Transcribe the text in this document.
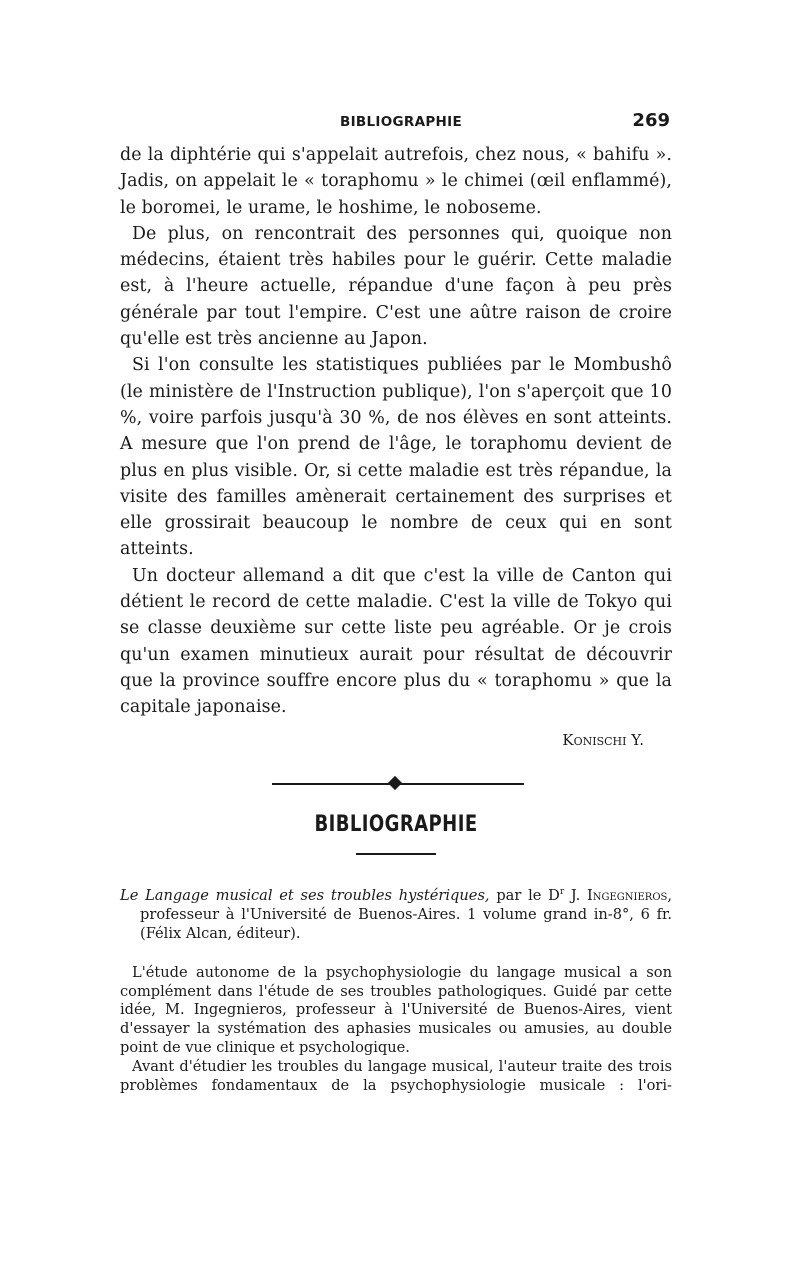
BIBLIOGRAPHIE	269

de la diphtérie qui s'appelait autrefois, chez nous, « bahifu ». Jadis, on appelait le « toraphomu » le chimei (œil enflammé), le boromei, le urame, le hoshime, le noboseme.

De plus, on rencontrait des personnes qui, quoique non médecins, étaient très habiles pour le guérir. Cette maladie est, à l'heure actuelle, répandue d'une façon à peu près générale par tout l'empire. C'est une aûtre raison de croire qu'elle est très ancienne au Japon.

Si l'on consulte les statistiques publiées par le Mombushô (le ministère de l'Instruction publique), l'on s'aperçoit que 10 %, voire parfois jusqu'à 30 %, de nos élèves en sont atteints. A mesure que l'on prend de l'âge, le toraphomu devient de plus en plus visible. Or, si cette maladie est très répandue, la visite des familles amènerait certainement des surprises et elle grossirait beaucoup le nombre de ceux qui en sont atteints.

Un docteur allemand a dit que c'est la ville de Canton qui détient le record de cette maladie. C'est la ville de Tokyo qui se classe deuxième sur cette liste peu agréable. Or je crois qu'un examen minutieux aurait pour résultat de découvrir que la province souffre encore plus du « toraphomu » que la capitale japonaise.

Konischi Y.
BIBLIOGRAPHIE
Le Langage musical et ses troubles hystériques, par le $D^r$ J. Ingegnieros, professeur à l'Université de Buenos-Aires. 1 volume grand in-8°, 6 fr. (Félix Alcan, éditeur).

L'étude autonome de la psychophysiologie du langage musical a son complément dans l'étude de ses troubles pathologiques. Guidé par cette idée, M. Ingegnieros, professeur à l'Université de Buenos-Aires, vient d'essayer la systémation des aphasies musicales ou amusies, au double point de vue clinique et psychologique.

Avant d'étudier les troubles du langage musical, l'auteur traite des trois problèmes fondamentaux de la psychophysiologie musicale : l'ori-
